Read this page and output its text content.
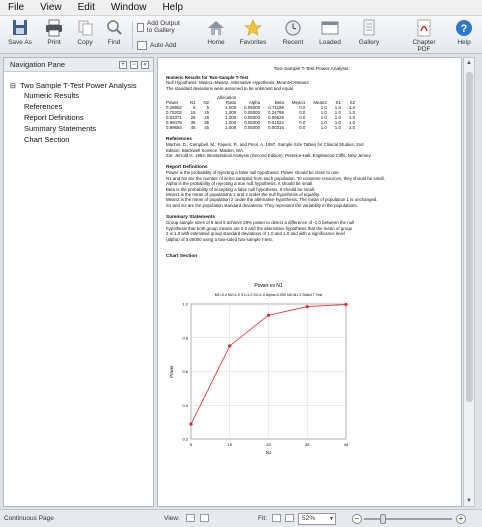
File View Edit Window Help
Save As	Print	Copy	Find
Add Output to Gallery
Auto Add	Home	Favorites	Recent	Loaded	Gallery	Chapter PDF
?
Help
Navigation Pane	+	−	«
⊟ Two Sample T-Test Power Analysis
Numeric Results
References
Report Definitions
Summary Statements
Chart Section
Two-Sample T-Test Power Analysis
Numeric Results for Two-Sample T-Test
Null Hypothesis: Mean1=Mean2. Alternative Hypothesis: Mean1<>Mean2
The standard deviations were assumed to be unknown and equal.
			Allocation						
Power	N1	N2	Ratio	Alpha	Beta	Mean1	Mean2	S1	S2
0.28802	5	5	1.000	0.05000	0.71198	0.0	1.0	1.0	1.0
0.75202	15	15	1.000	0.05000	0.24798	0.0	1.0	1.0	1.0
0.93371	25	25	1.000	0.05000	0.06629	0.0	1.0	1.0	1.0
0.98478	35	35	1.000	0.05000	0.01522	0.0	1.0	1.0	1.0
0.99684	45	45	1.000	0.05000	0.00316	0.0	1.0	1.0	1.0
References
Machin, D., Campbell, M., Fayers, P., and Pinol, A. 1997. Sample Size Tables for Clinical Studies, 2nd
Edition. Blackwell Science. Malden, MA.
Zar, Jerrold H. 1984. Biostatistical Analysis (Second Edition). Prentice-Hall. Englewood Cliffs, New Jersey.
Report Definitions
Power is the probability of rejecting a false null hypothesis. Power should be close to one.
N1 and N2 are the number of items sampled from each population. To conserve resources, they should be small.
Alpha is the probability of rejecting a true null hypothesis. It should be small.
Beta is the probability of accepting a false null hypothesis. It should be small.
Mean1 is the mean of populations 1 and 2 under the null hypothesis of equality.
Mean2 is the mean of population 2 under the alternative hypothesis. The mean of population 1 is unchanged.
S1 and S2 are the population standard deviations. They represent the variability in the populations.
Summary Statements
Group sample sizes of 5 and 5 achieve 29% power to detect a difference of -1.0 between the null
hypothesis that both group means are 0.0 and the alternative hypothesis that the mean of group
2 is 1.0 with estimated group standard deviations of 1.0 and 1.0 and with a significance level
(alpha) of 0.05000 using a two-sided two-sample t-test.
Chart Section
Power vs N1
M1=0.0 M2=1.0 S1=1.0 S2=1.0 Alpha=0.050 N2=N1 2-Sided T Test
0.2
0.4
0.6
0.8
1.0
5	15	25	35	45
N1
Power
▲
▼
Continuous Page	View:	Fit:	52%	▼	−	+
